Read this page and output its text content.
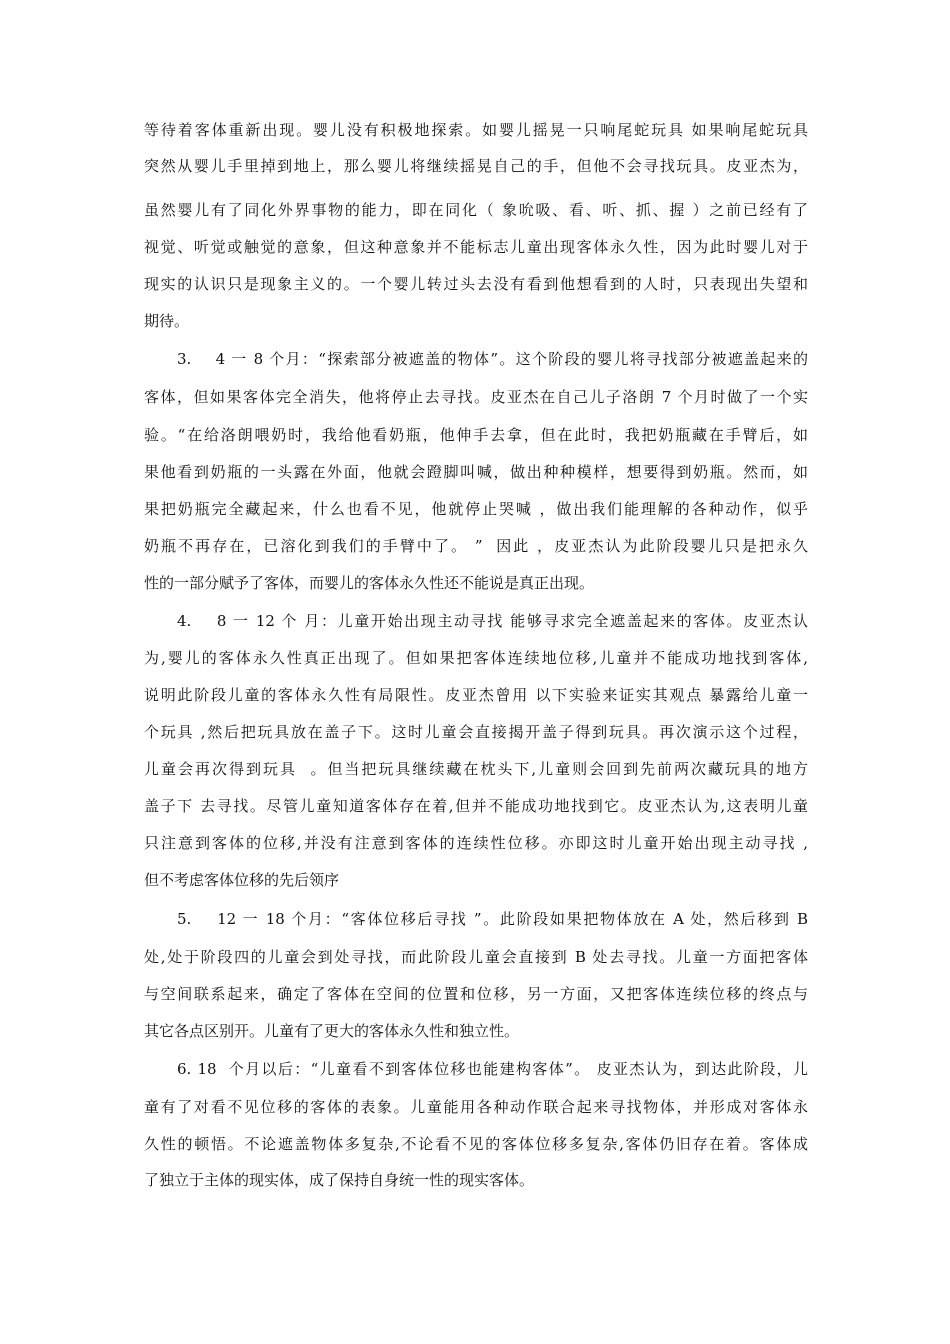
等待着客体重新出现。婴儿没有积极地探索。如婴儿摇晃一只响尾蛇玩具 如果响尾蛇玩具
突然从婴儿手里掉到地上，那么婴儿将继续摇晃自己的手，但他不会寻找玩具。皮亚杰为，
虽然婴儿有了同化外界事物的能力，即在同化（ 象吮吸、看、听、抓、握 ）之前已经有了
视觉、听觉或触觉的意象，但这种意象并不能标志儿童出现客体永久性，因为此时婴儿对于
现实的认识只是现象主义的。一个婴儿转过头去没有看到他想看到的人时，只表现出失望和
期待。
3.    4 一 8 个月：“探索部分被遮盖的物体”。这个阶段的婴儿将寻找部分被遮盖起来的
客体，但如果客体完全消失，他将停止去寻找。皮亚杰在自己儿子洛朗 7 个月时做了一个实
验。“在给洛朗喂奶时，我给他看奶瓶，他伸手去拿，但在此时，我把奶瓶藏在手臂后，如
果他看到奶瓶的一头露在外面，他就会蹬脚叫喊，做出种种模样，想要得到奶瓶。然而，如
果把奶瓶完全藏起来，什么也看不见，他就停止哭喊 ，做出我们能理解的各种动作，似乎
奶瓶不再存在，已溶化到我们的手臂中了。 ”  因此 ，皮亚杰认为此阶段婴儿只是把永久
性的一部分赋予了客体，而婴儿的客体永久性还不能说是真正出现。
4.    8 一 12 个 月：儿童开始出现主动寻找 能够寻求完全遮盖起来的客体。皮亚杰认
为,婴儿的客体永久性真正出现了。但如果把客体连续地位移,儿童并不能成功地找到客体,
说明此阶段儿童的客体永久性有局限性。皮亚杰曾用 以下实验来证实其观点 暴露给儿童一
个玩具 ,然后把玩具放在盖子下。这时儿童会直接揭开盖子得到玩具。再次演示这个过程，
儿童会再次得到玩具  。但当把玩具继续藏在枕头下,儿童则会回到先前两次藏玩具的地方
盖子下 去寻找。尽管儿童知道客体存在着,但并不能成功地找到它。皮亚杰认为,这表明儿童
只注意到客体的位移,并没有注意到客体的连续性位移。亦即这时儿童开始出现主动寻找 ,
但不考虑客体位移的先后领序
5.    12 一 18 个月：“客体位移后寻找 ”。此阶段如果把物体放在 A 处，然后移到 B
处,处于阶段四的儿童会到处寻找，而此阶段儿童会直接到 B 处去寻找。儿童一方面把客体
与空间联系起来，确定了客体在空间的位置和位移，另一方面，又把客体连续位移的终点与
其它各点区别开。儿童有了更大的客体永久性和独立性。
6. 18  个月以后：“儿童看不到客体位移也能建构客体”。 皮亚杰认为，到达此阶段，儿
童有了对看不见位移的客体的表象。儿童能用各种动作联合起来寻找物体，并形成对客体永
久性的顿悟。不论遮盖物体多复杂,不论看不见的客体位移多复杂,客体仍旧存在着。客体成
了独立于主体的现实体，成了保持自身统一性的现实客体。
